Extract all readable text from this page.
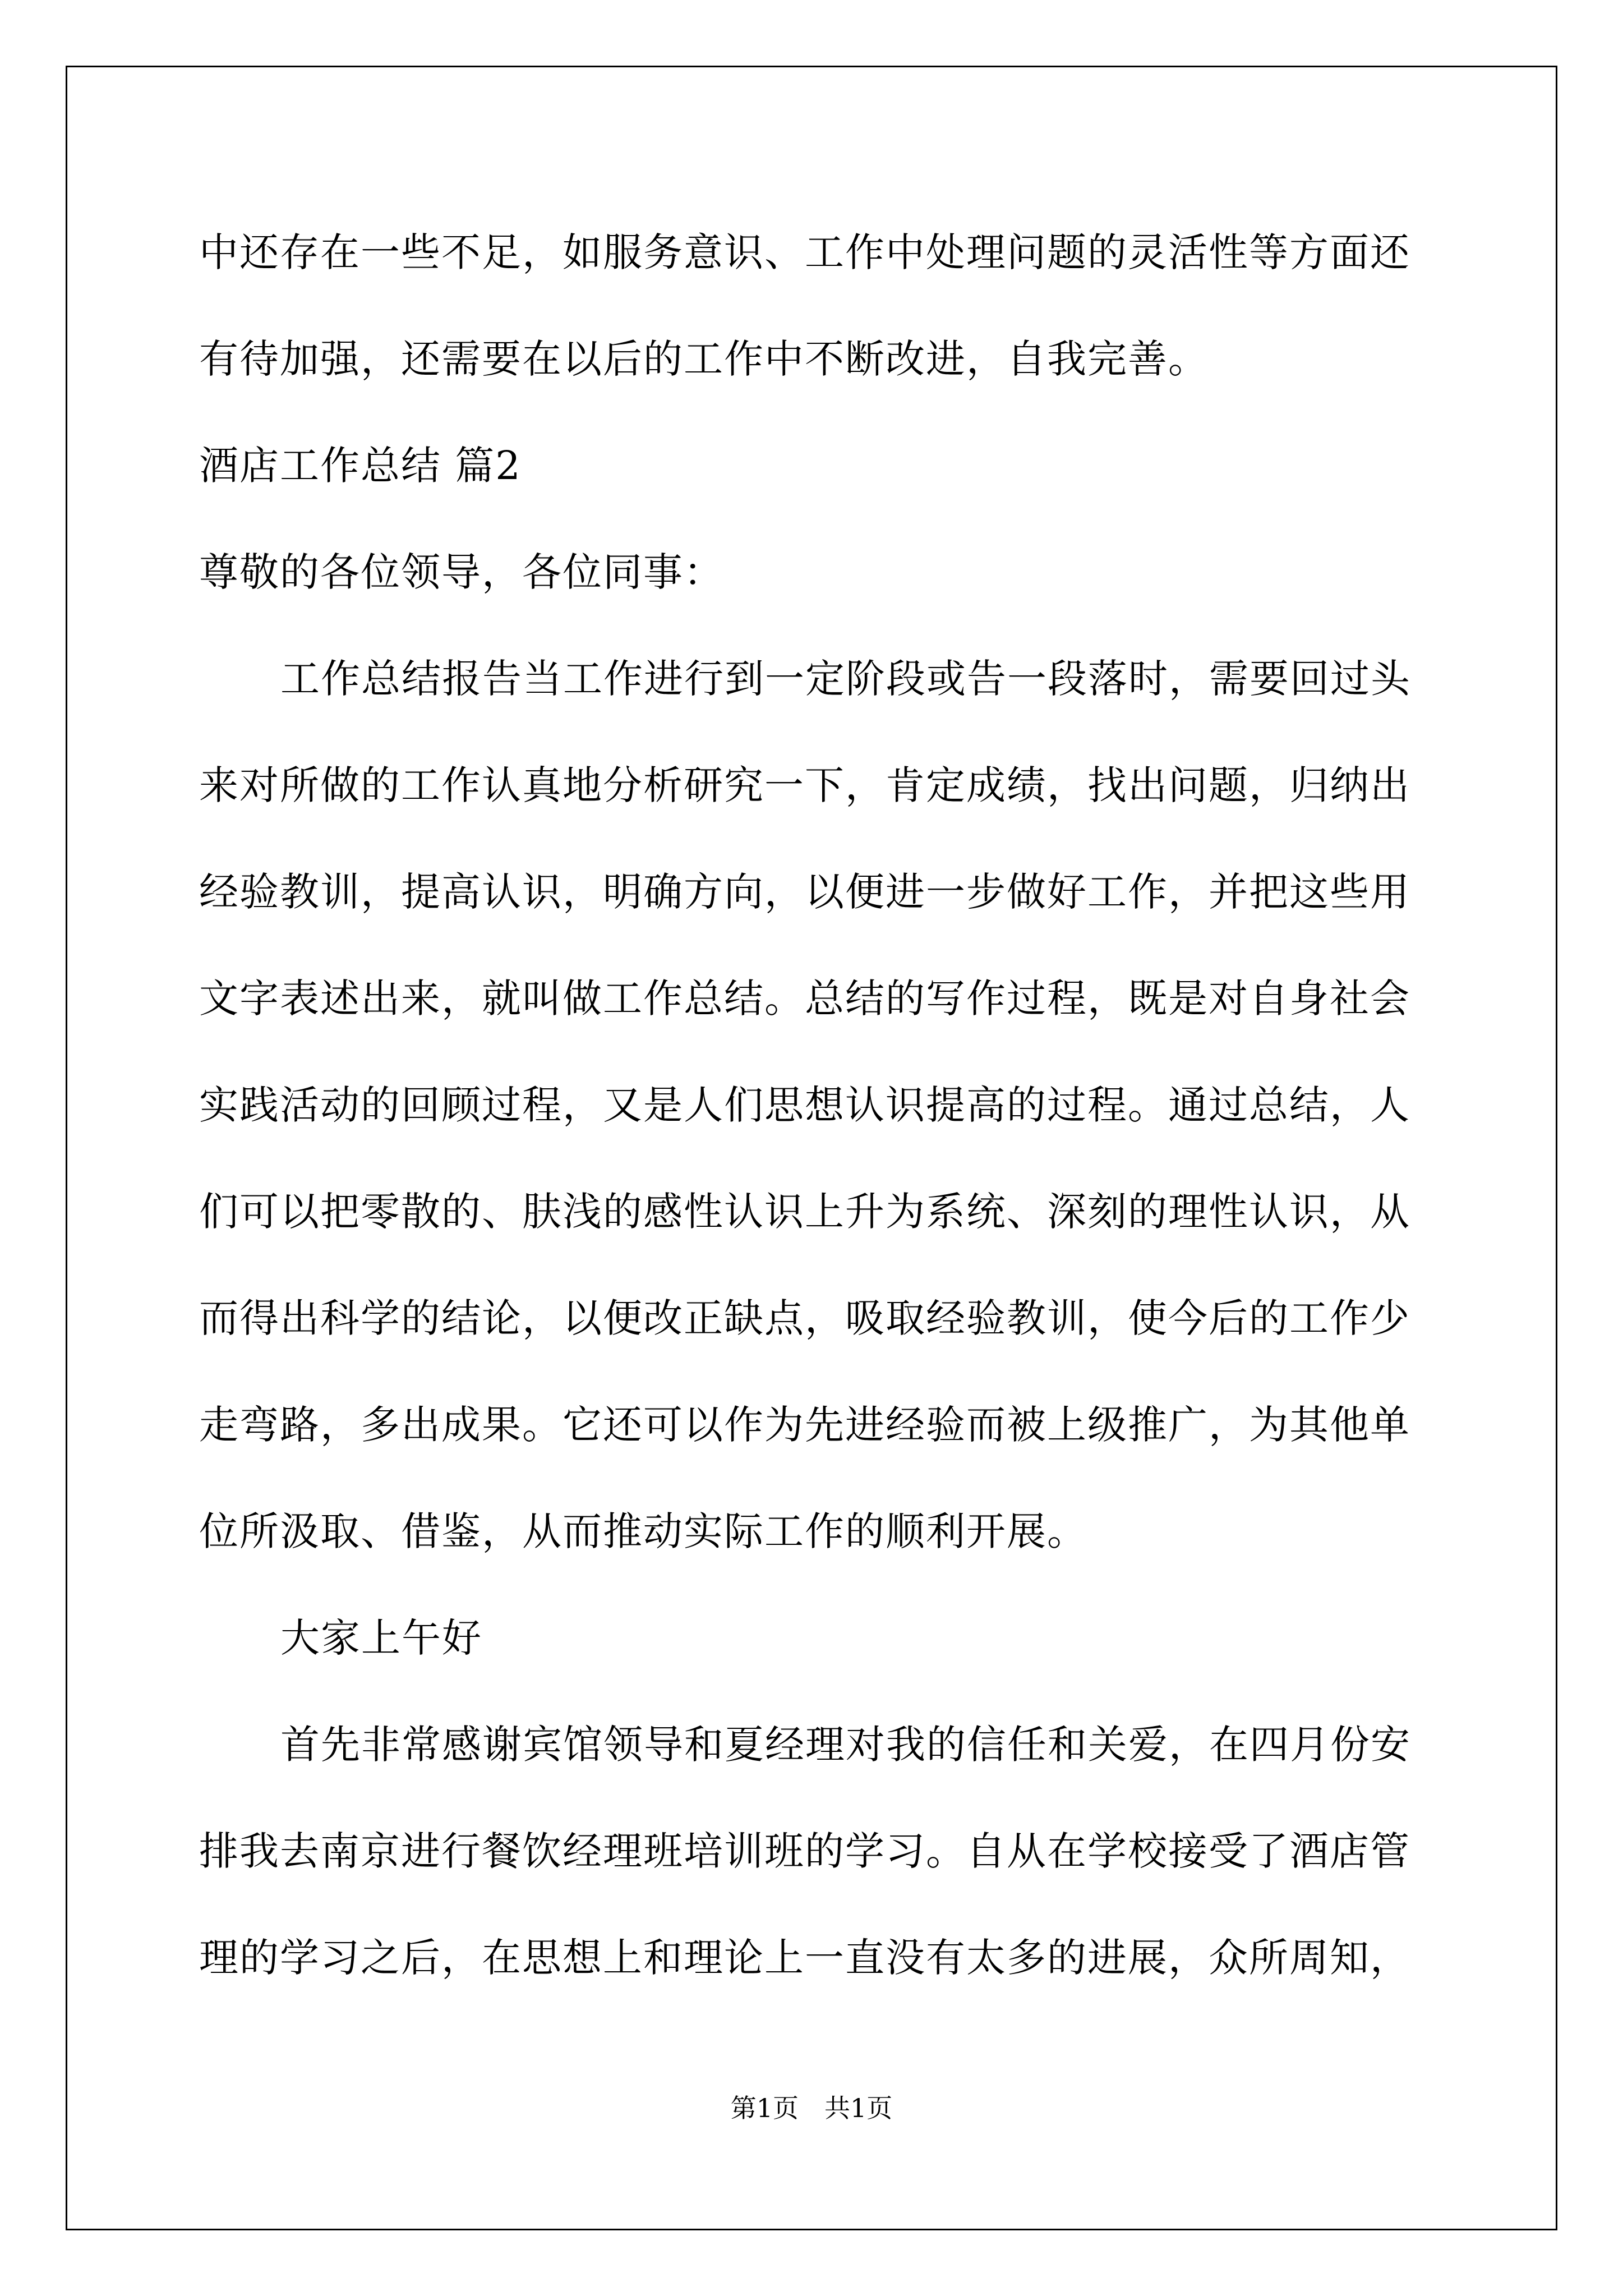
中还存在一些不足，如服务意识、工作中处理问题的灵活性等方面还
有待加强，还需要在以后的工作中不断改进，自我完善。
酒店工作总结 篇2
尊敬的各位领导，各位同事：
工作总结报告当工作进行到一定阶段或告一段落时，需要回过头
来对所做的工作认真地分析研究一下，肯定成绩，找出问题，归纳出
经验教训，提高认识，明确方向，以便进一步做好工作，并把这些用
文字表述出来，就叫做工作总结。总结的写作过程，既是对自身社会
实践活动的回顾过程，又是人们思想认识提高的过程。通过总结，人
们可以把零散的、肤浅的感性认识上升为系统、深刻的理性认识，从
而得出科学的结论，以便改正缺点，吸取经验教训，使今后的工作少
走弯路，多出成果。它还可以作为先进经验而被上级推广，为其他单
位所汲取、借鉴，从而推动实际工作的顺利开展。
大家上午好
首先非常感谢宾馆领导和夏经理对我的信任和关爱，在四月份安
排我去南京进行餐饮经理班培训班的学习。自从在学校接受了酒店管
理的学习之后，在思想上和理论上一直没有太多的进展，众所周知，
第1页　共1页
